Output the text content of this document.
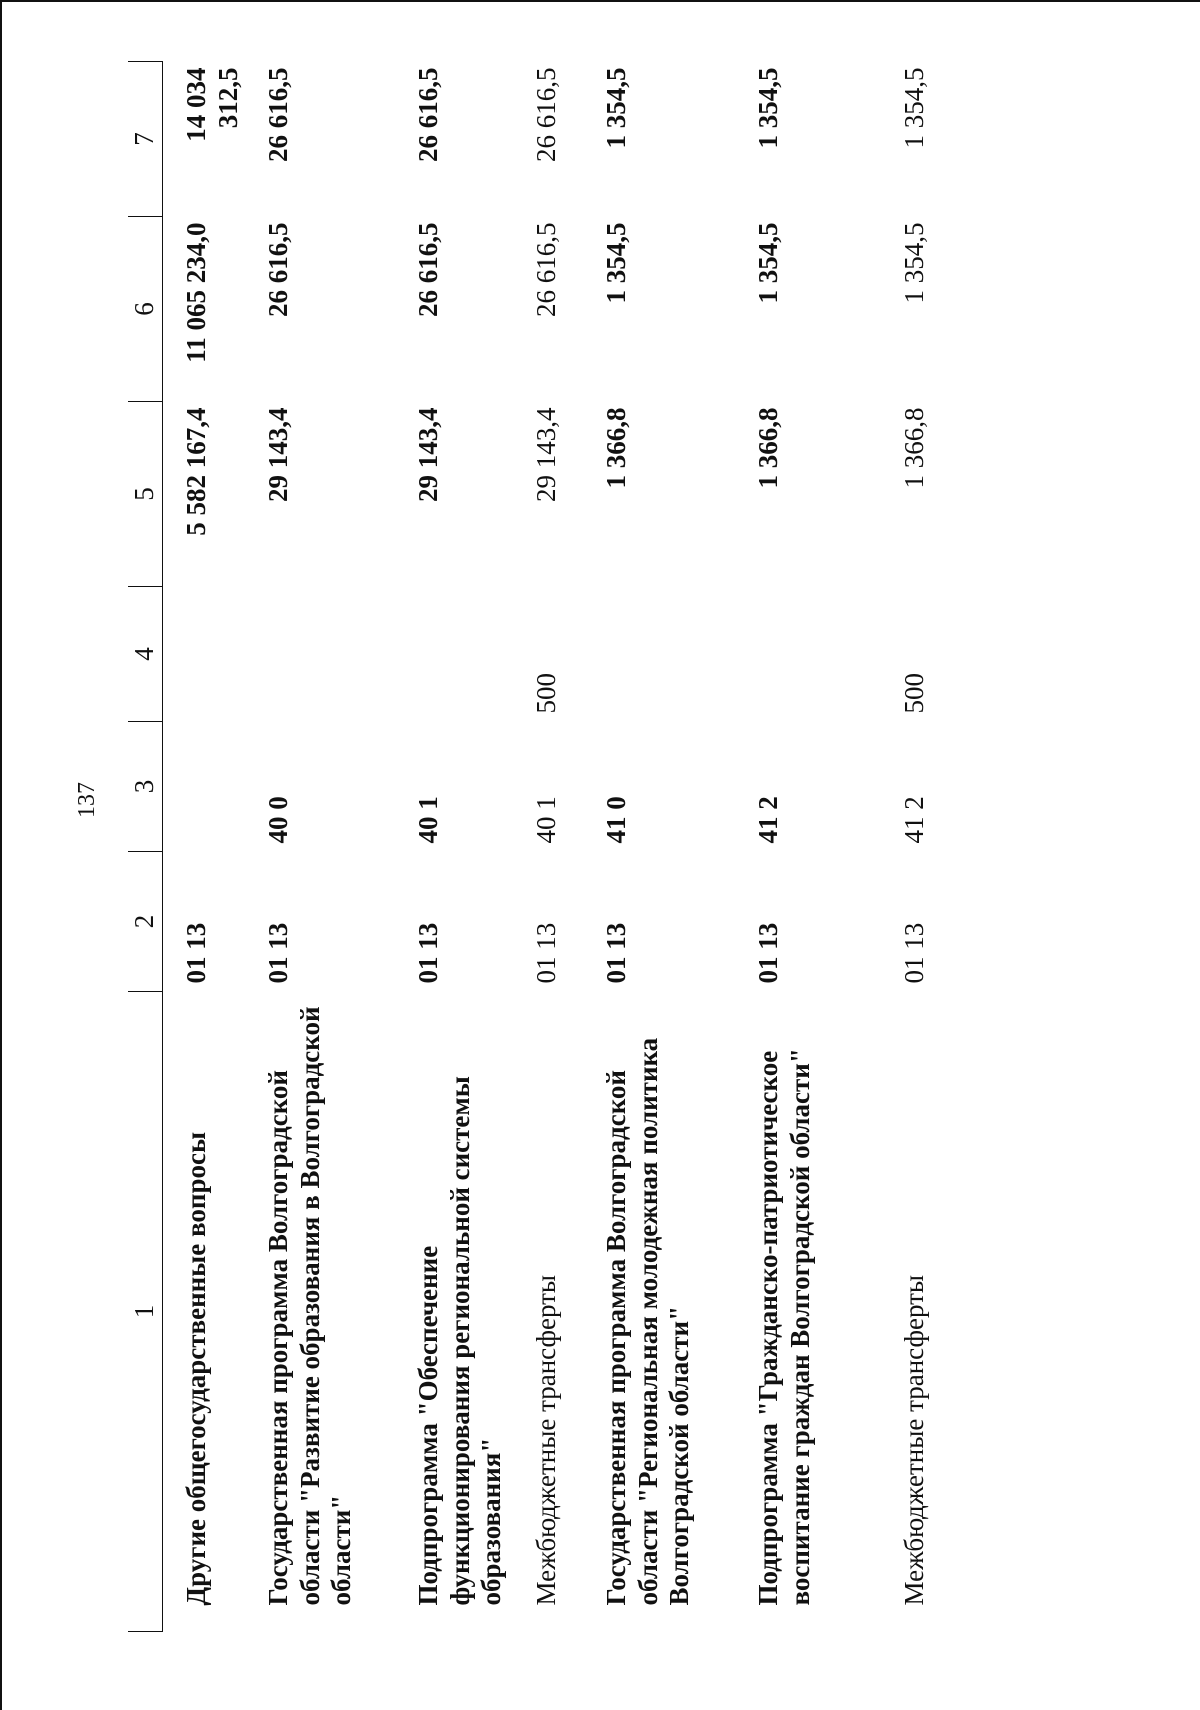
137
1	2	3	4	5	6	7
Другие общегосударственные вопросы	01 13			5 582 167,4	11 065 234,0	14 034 312,5
Государственная программа Волгоградской области "Развитие образования в Волгоградской области"	01 13	40 0		29 143,4	26 616,5	26 616,5
Подпрограмма "Обеспечение функционирования региональной системы образования"	01 13	40 1		29 143,4	26 616,5	26 616,5
Межбюджетные трансферты	01 13	40 1	500	29 143,4	26 616,5	26 616,5
Государственная программа Волгоградской области "Региональная молодежная политика Волгоградской области"	01 13	41 0		1 366,8	1 354,5	1 354,5
Подпрограмма "Гражданско-патриотическое воспитание граждан Волгоградской области"	01 13	41 2		1 366,8	1 354,5	1 354,5
Межбюджетные трансферты	01 13	41 2	500	1 366,8	1 354,5	1 354,5
